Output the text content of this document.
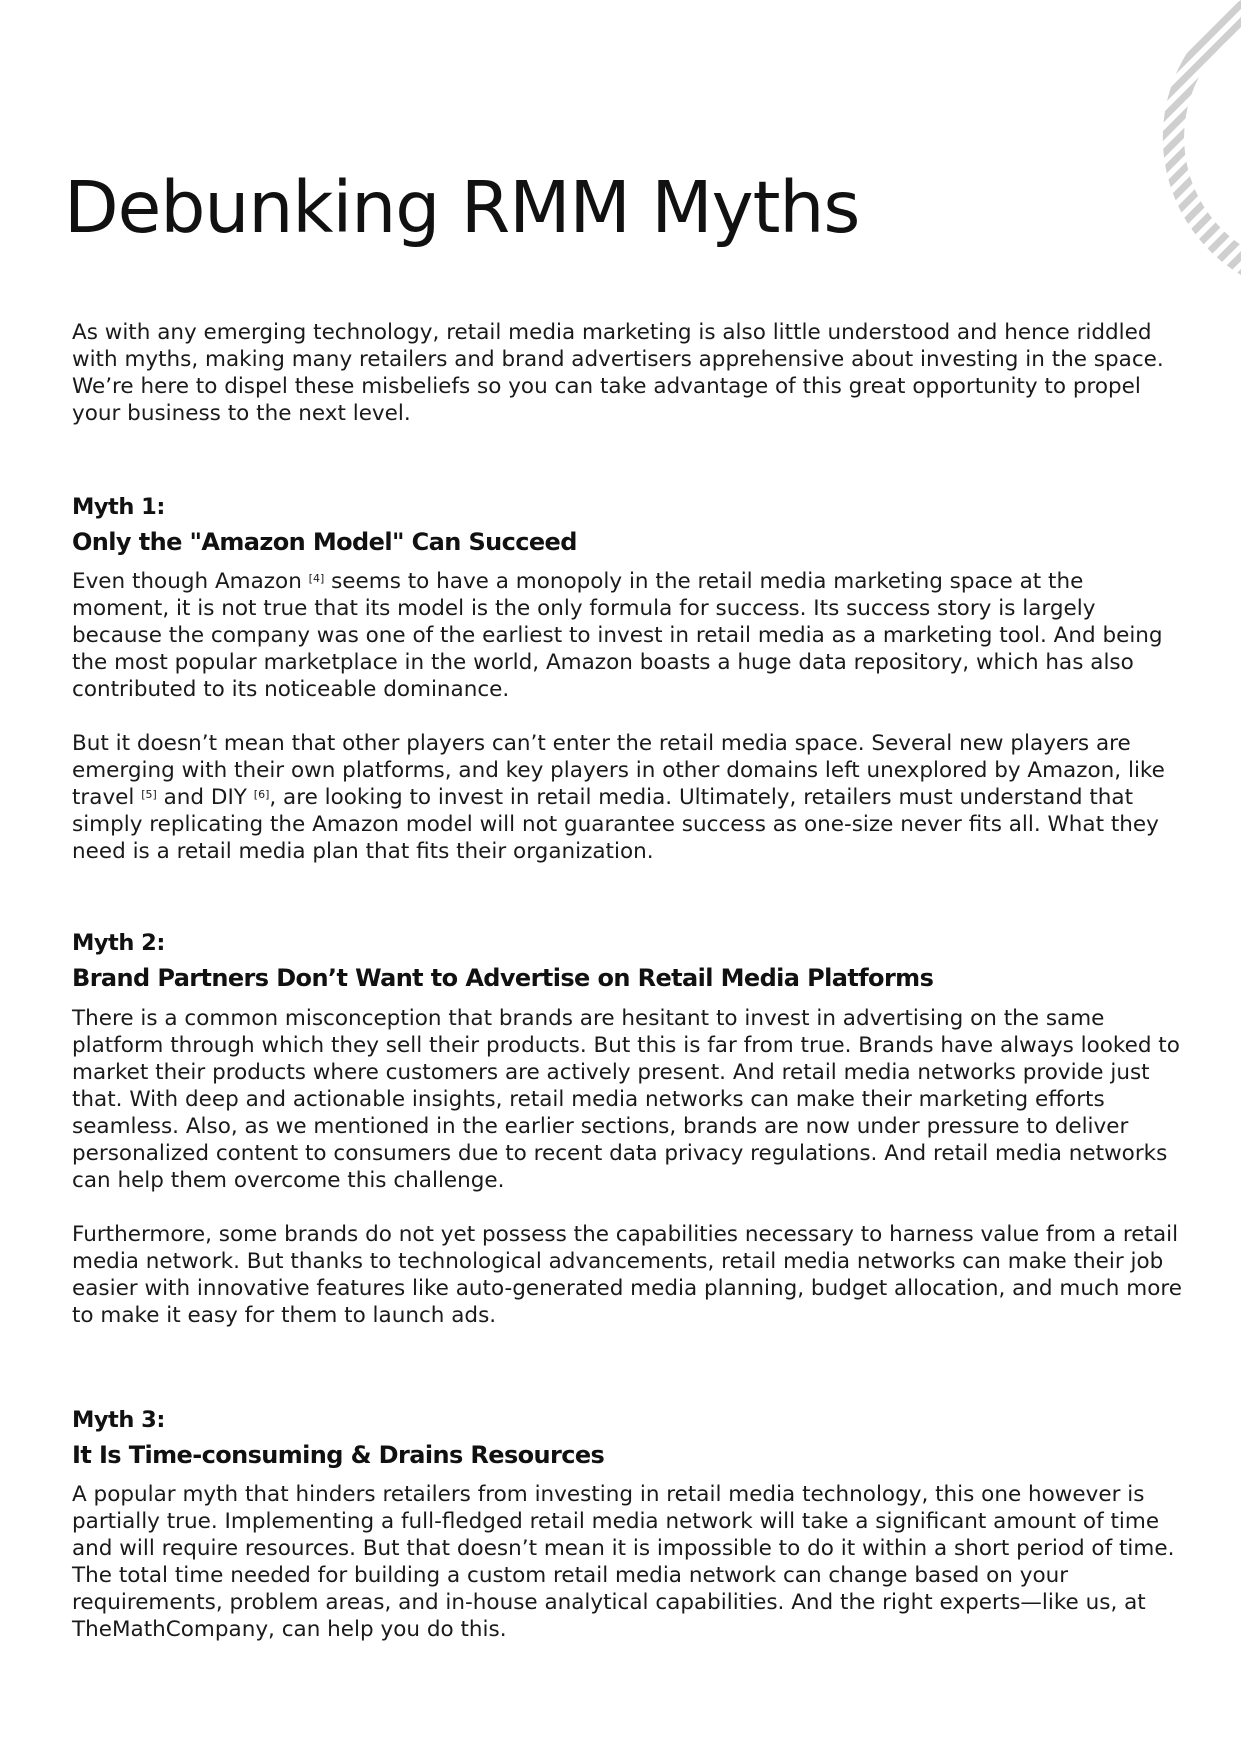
Debunking RMM Myths

As with any emerging technology, retail media marketing is also little understood and hence riddled with myths, making many retailers and brand advertisers apprehensive about investing in the space. We’re here to dispel these misbeliefs so you can take advantage of this great opportunity to propel your business to the next level.

Myth 1:
Only the "Amazon Model" Can Succeed

Even though Amazon [4] seems to have a monopoly in the retail media marketing space at the moment, it is not true that its model is the only formula for success. Its success story is largely because the company was one of the earliest to invest in retail media as a marketing tool. And being the most popular marketplace in the world, Amazon boasts a huge data repository, which has also contributed to its noticeable dominance.

But it doesn’t mean that other players can’t enter the retail media space. Several new players are emerging with their own platforms, and key players in other domains left unexplored by Amazon, like travel [5] and DIY [6], are looking to invest in retail media. Ultimately, retailers must understand that simply replicating the Amazon model will not guarantee success as one-size never fits all. What they need is a retail media plan that fits their organization.

Myth 2:
Brand Partners Don’t Want to Advertise on Retail Media Platforms

There is a common misconception that brands are hesitant to invest in advertising on the same platform through which they sell their products. But this is far from true. Brands have always looked to market their products where customers are actively present. And retail media networks provide just that. With deep and actionable insights, retail media networks can make their marketing efforts seamless. Also, as we mentioned in the earlier sections, brands are now under pressure to deliver personalized content to consumers due to recent data privacy regulations. And retail media networks can help them overcome this challenge.

Furthermore, some brands do not yet possess the capabilities necessary to harness value from a retail media network. But thanks to technological advancements, retail media networks can make their job easier with innovative features like auto-generated media planning, budget allocation, and much more to make it easy for them to launch ads.

Myth 3:
It Is Time-consuming & Drains Resources

A popular myth that hinders retailers from investing in retail media technology, this one however is partially true. Implementing a full-fledged retail media network will take a significant amount of time and will require resources. But that doesn’t mean it is impossible to do it within a short period of time. The total time needed for building a custom retail media network can change based on your requirements, problem areas, and in-house analytical capabilities. And the right experts—like us, at TheMathCompany, can help you do this.
